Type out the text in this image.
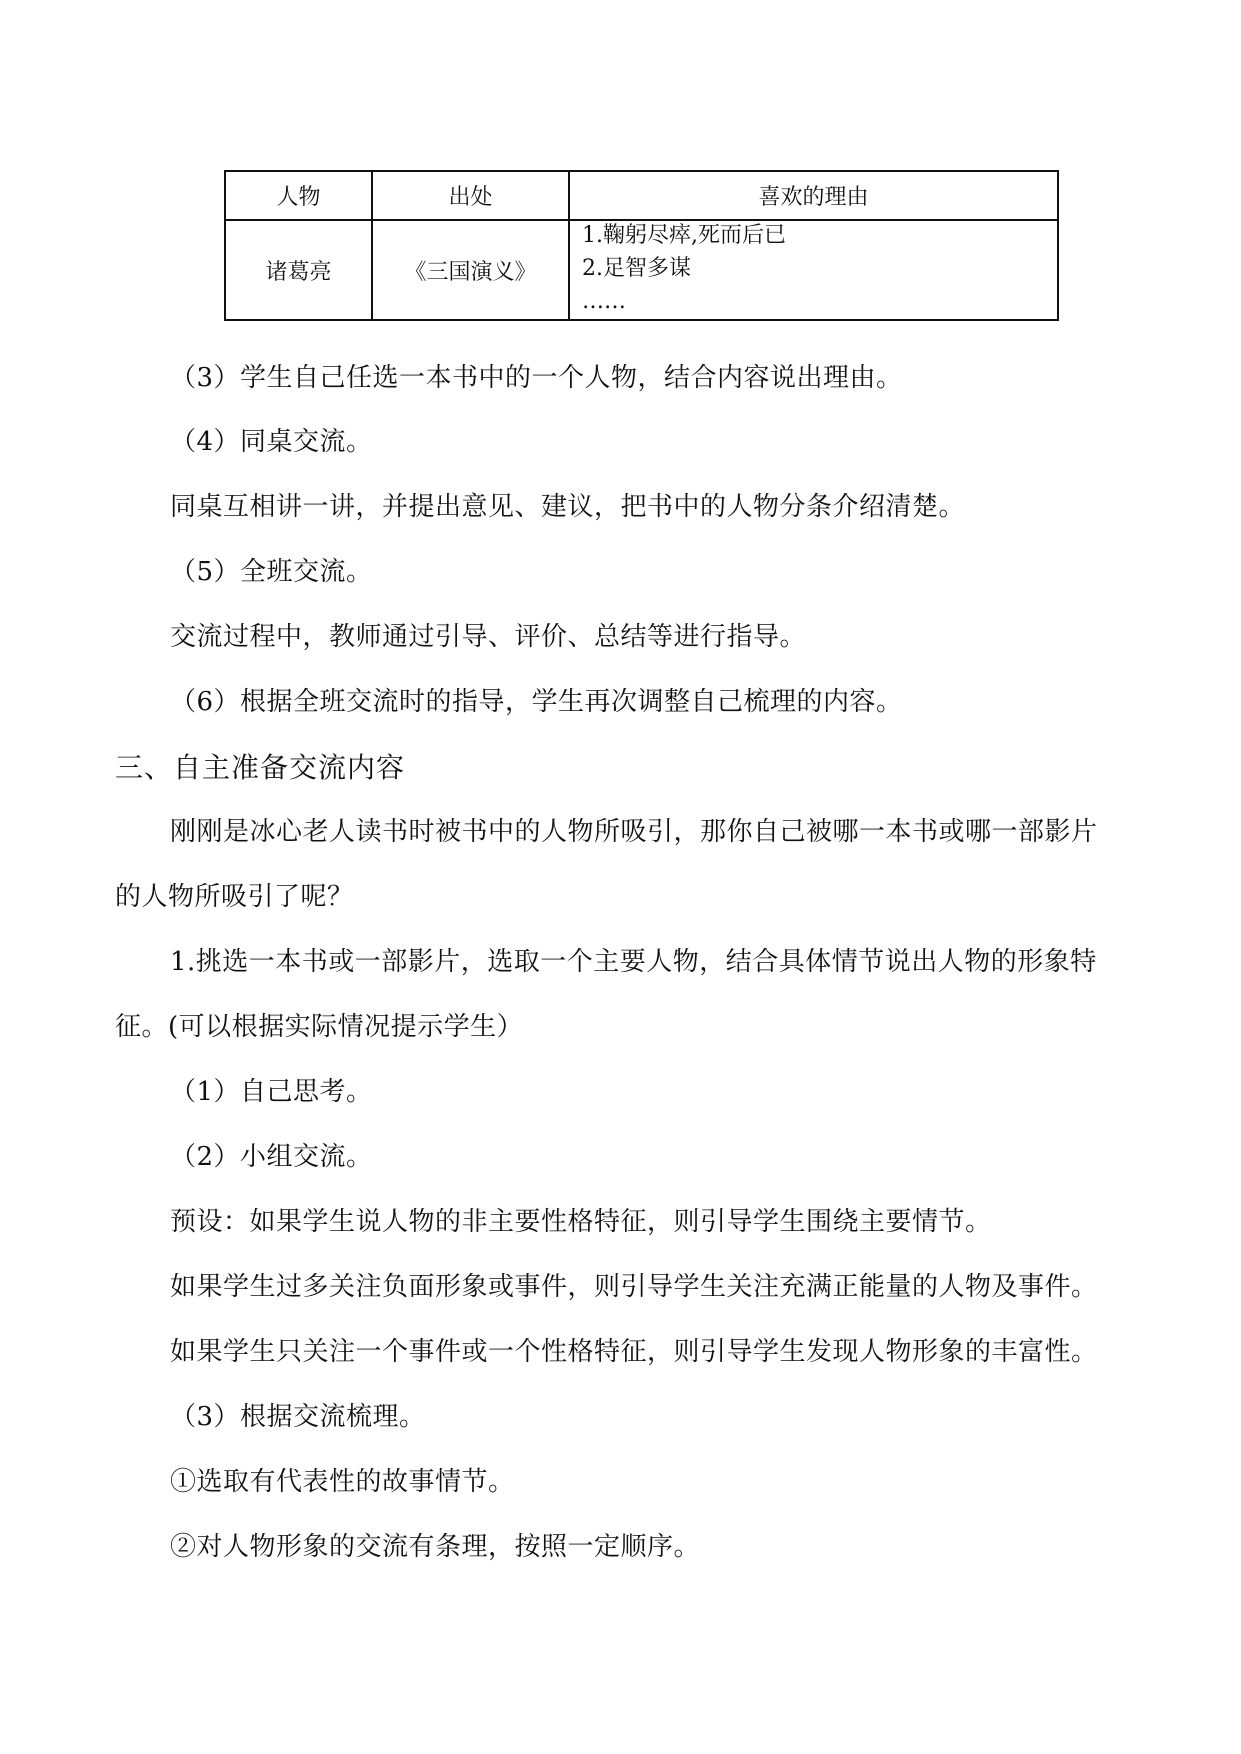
人物	出处	喜欢的理由
诸葛亮	《三国演义》	1.鞠躬尽瘁,死而后已
2.足智多谋
……
（3）学生自己任选一本书中的一个人物，结合内容说出理由。
（4）同桌交流。
同桌互相讲一讲，并提出意见、建议，把书中的人物分条介绍清楚。
（5）全班交流。
交流过程中，教师通过引导、评价、总结等进行指导。
（6）根据全班交流时的指导，学生再次调整自己梳理的内容。
三、自主准备交流内容
刚刚是冰心老人读书时被书中的人物所吸引，那你自己被哪一本书或哪一部影片
的人物所吸引了呢？
1.挑选一本书或一部影片，选取一个主要人物，结合具体情节说出人物的形象特
征。(可以根据实际情况提示学生）
（1）自己思考。
（2）小组交流。
预设：如果学生说人物的非主要性格特征，则引导学生围绕主要情节。
如果学生过多关注负面形象或事件，则引导学生关注充满正能量的人物及事件。
如果学生只关注一个事件或一个性格特征，则引导学生发现人物形象的丰富性。
（3）根据交流梳理。
①选取有代表性的故事情节。
②对人物形象的交流有条理，按照一定顺序。
